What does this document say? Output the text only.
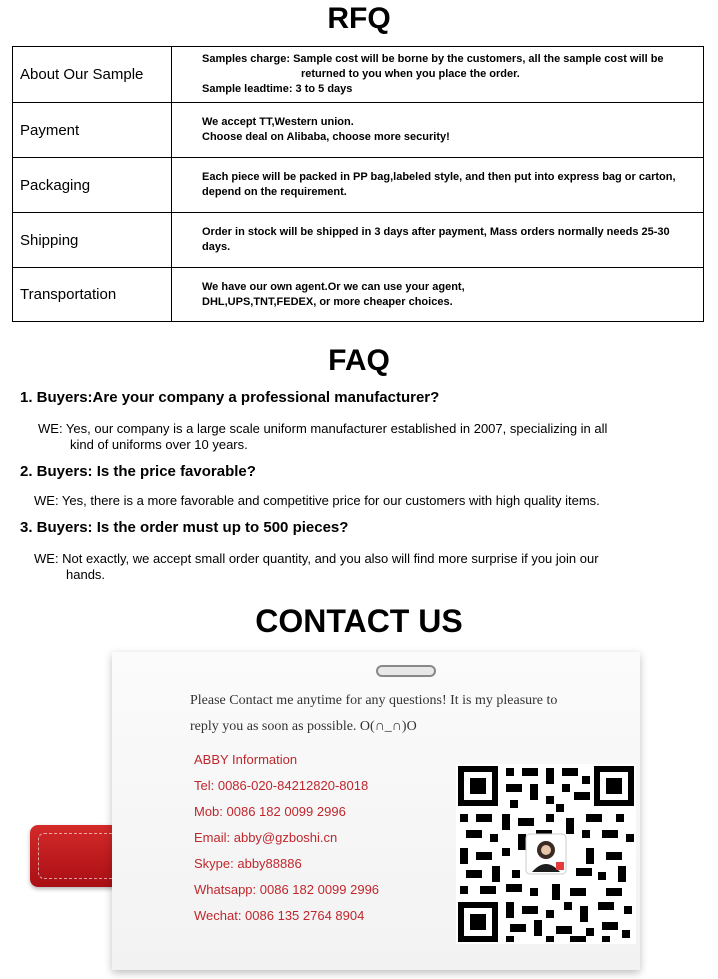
RFQ
About Our Sample	Samples charge: Sample cost will be borne by the customers, all the sample cost will be
returned to you when you place the order.
Sample leadtime: 3 to 5 days

Payment	We accept TT,Western union.
Choose deal on Alibaba, choose more security!

Packaging	Each piece will be packed in PP bag,labeled style, and then put into express bag or carton,
depend on the requirement.

Shipping	Order in stock will be shipped in 3 days after payment, Mass orders normally needs 25-30
days.

Transportation	We have our own agent.Or we can use your agent,
DHL,UPS,TNT,FEDEX, or more cheaper choices.
FAQ
1. Buyers:Are your company a professional manufacturer?
WE: Yes, our company is a large scale uniform manufacturer established in 2007, specializing in all
kind of uniforms over 10 years.
2. Buyers: Is the price favorable?
WE: Yes, there is a more favorable and competitive price for our customers with high quality items.
3. Buyers: Is the order must up to 500 pieces?
WE: Not exactly, we accept small order quantity, and you also will find more surprise if you join our
hands.
CONTACT US
Please Contact me anytime for any questions! It is my pleasure to
reply you as soon as possible. O(∩_∩)O
ABBY Information
Tel: 0086-020-84212820-8018
Mob: 0086 182 0099 2996
Email: abby@gzboshi.cn
Skype: abby88886
Whatsapp: 0086 182 0099 2996
Wechat: 0086 135 2764 8904
